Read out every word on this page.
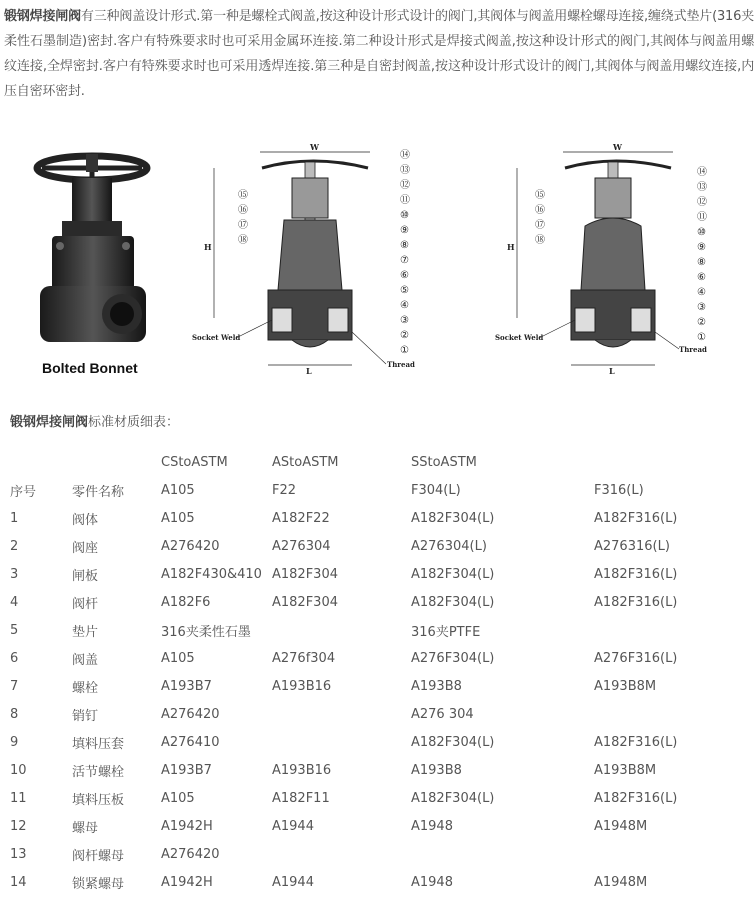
锻钢焊接闸阀有三种阀盖设计形式.第一种是螺栓式阀盖,按这种设计形式设计的阀门,其阀体与阀盖用螺栓螺母连接,缠绕式垫片(316夹柔性石墨制造)密封.客户有特殊要求时也可采用金属环连接.第二种设计形式是焊接式阀盖,按这种设计形式的阀门,其阀体与阀盖用螺纹连接,全焊密封.客户有特殊要求时也可采用透焊连接.第三种是自密封阀盖,按这种设计形式设计的阀门,其阀体与阀盖用螺纹连接,内压自密环密封.
Bolted Bonnet
W
H
L
Socket Weld
Thread
⑭
⑬
⑫
⑪
⑩
⑨
⑧
⑦
⑥
⑤
④
③
②
①
⑮
⑯
⑰
⑱
W
H
L
Socket Weld
Thread
⑭
⑬
⑫
⑪
⑩
⑨
⑧
⑥
④
③
②
①
⑮
⑯
⑰
⑱
锻钢焊接闸阀标准材质细表：
		CStoASTM	AStoASTM	SStoASTM	
序号	零件名称	A105	F22	F304(L)	F316(L)
1	阀体	A105	A182F22	A182F304(L)	A182F316(L)
2	阀座	A276420	A276304	A276304(L)	A276316(L)
3	闸板	A182F430&410	A182F304	A182F304(L)	A182F316(L)
4	阀杆	A182F6	A182F304	A182F304(L)	A182F316(L)
5	垫片	316夹柔性石墨		316夹PTFE	
6	阀盖	A105	A276f304	A276F304(L)	A276F316(L)
7	螺栓	A193B7	A193B16	A193B8	A193B8M
8	销钉	A276420		A276 304	
9	填料压套	A276410		A182F304(L)	A182F316(L)
10	活节螺栓	A193B7	A193B16	A193B8	A193B8M
11	填料压板	A105	A182F11	A182F304(L)	A182F316(L)
12	螺母	A1942H	A1944	A1948	A1948M
13	阀杆螺母	A276420			
14	锁紧螺母	A1942H	A1944	A1948	A1948M
